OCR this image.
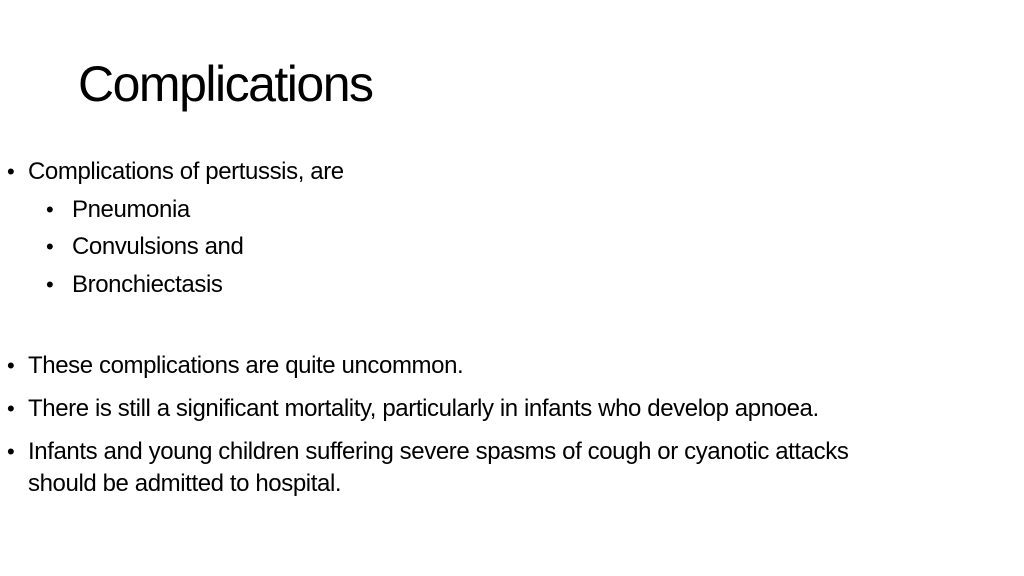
Complications
• Complications of pertussis, are
• Pneumonia
• Convulsions and
• Bronchiectasis
• These complications are quite uncommon.
• There is still a significant mortality, particularly in infants who develop apnoea.
• Infants and young children suffering severe spasms of cough or cyanotic attacks
should be admitted to hospital.
